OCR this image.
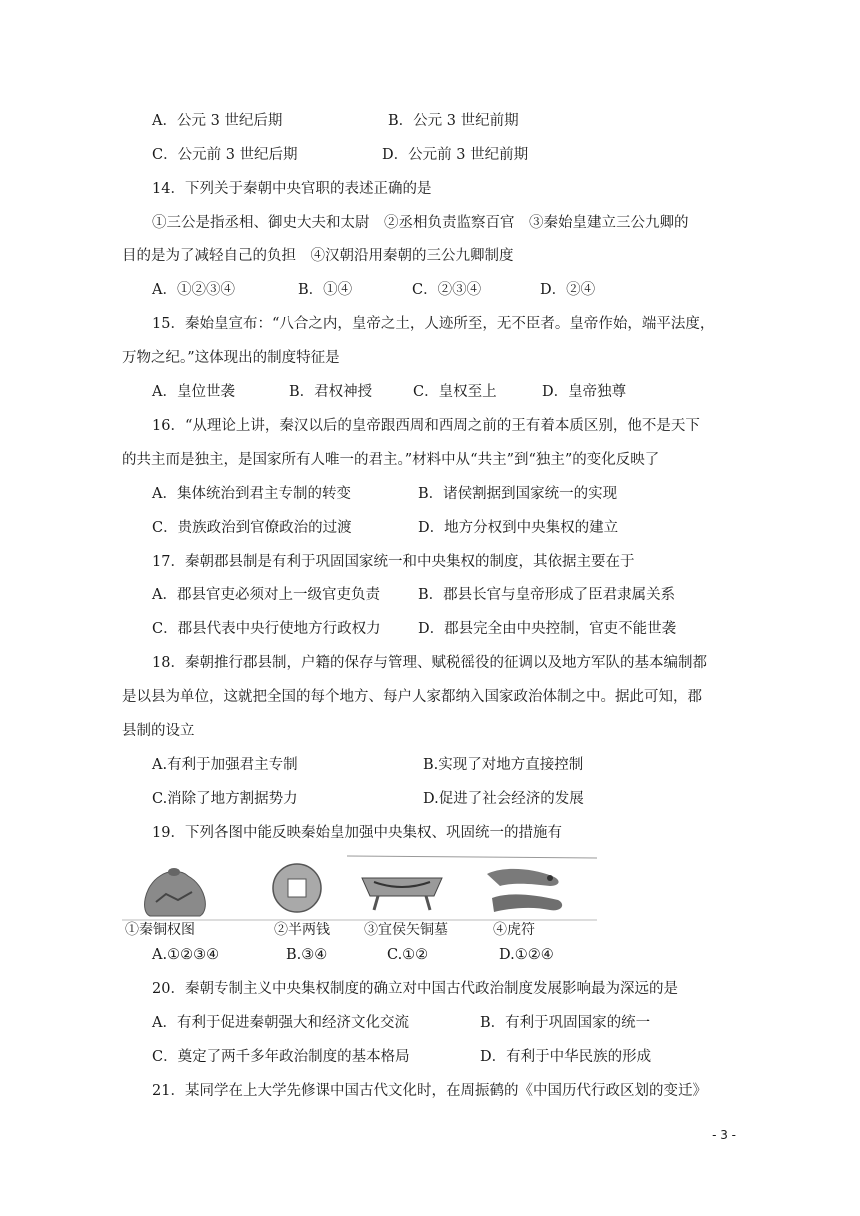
A．公元 3 世纪后期	B．公元 3 世纪前期
C．公元前 3 世纪后期	D．公元前 3 世纪前期
14．下列关于秦朝中央官职的表述正确的是
①三公是指丞相、御史大夫和太尉　②丞相负责监察百官　③秦始皇建立三公九卿的
目的是为了减轻自己的负担　④汉朝沿用秦朝的三公九卿制度
A．①②③④	B．①④	C．②③④	D．②④
15．秦始皇宣布：“八合之内，皇帝之土，人迹所至，无不臣者。皇帝作始，端平法度，
万物之纪。”这体现出的制度特征是
A．皇位世袭	B．君权神授	C．皇权至上	D．皇帝独尊
16．“从理论上讲，秦汉以后的皇帝跟西周和西周之前的王有着本质区别，他不是天下
的共主而是独主，是国家所有人唯一的君主。”材料中从“共主”到“独主”的变化反映了
A．集体统治到君主专制的转变	B．诸侯割据到国家统一的实现
C．贵族政治到官僚政治的过渡	D．地方分权到中央集权的建立
17．秦朝郡县制是有利于巩固国家统一和中央集权的制度，其依据主要在于
A．郡县官吏必须对上一级官吏负责	B．郡县长官与皇帝形成了臣君隶属关系
C．郡县代表中央行使地方行政权力	D．郡县完全由中央控制，官吏不能世袭
18．秦朝推行郡县制，户籍的保存与管理、赋税徭役的征调以及地方军队的基本编制都
是以县为单位，这就把全国的每个地方、每户人家都纳入国家政治体制之中。据此可知，郡
县制的设立
A.有利于加强君主专制	B.实现了对地方直接控制
C.消除了地方割据势力	D.促进了社会经济的发展
19．下列各图中能反映秦始皇加强中央集权、巩固统一的措施有
①秦铜权图	②半两钱 ③宜侯矢铜墓	④虎符
A.①②③④	B.③④	C.①②	D.①②④
20．秦朝专制主义中央集权制度的确立对中国古代政治制度发展影响最为深远的是
A．有利于促进秦朝强大和经济文化交流	B．有利于巩固国家的统一
C．奠定了两千多年政治制度的基本格局	D．有利于中华民族的形成
21．某同学在上大学先修课中国古代文化时，在周振鹤的《中国历代行政区划的变迁》
- 3 -
